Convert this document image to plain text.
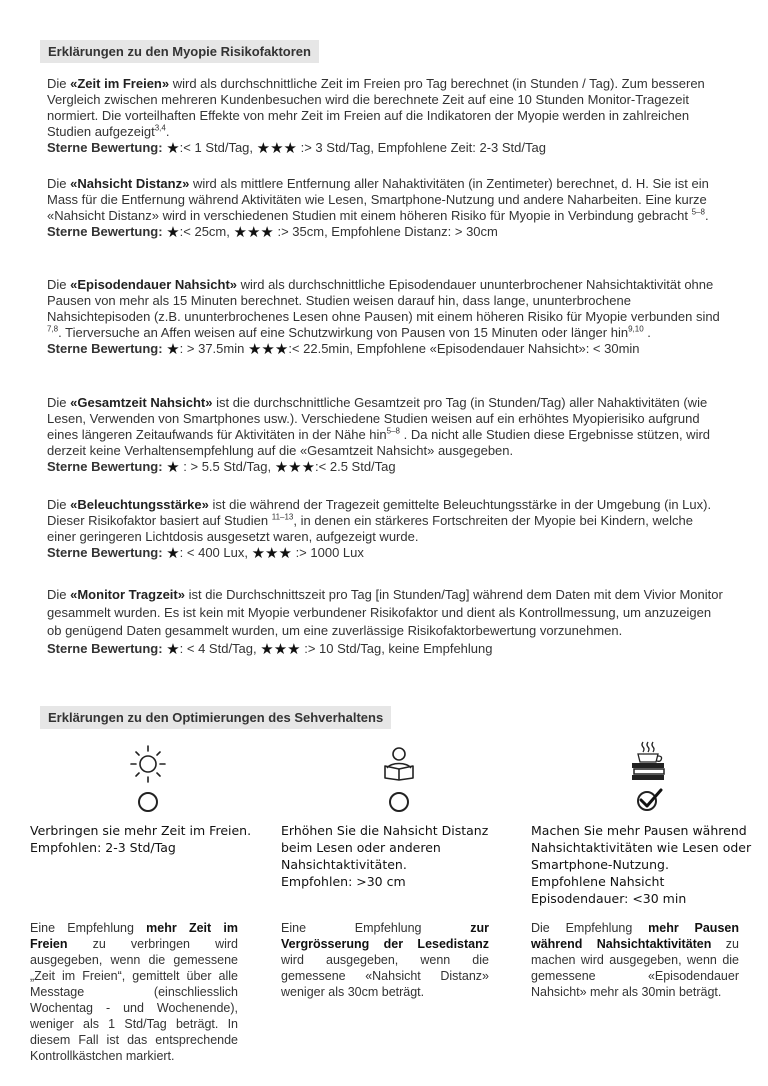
Erklärungen zu den Myopie Risikofaktoren
Die «Zeit im Freien» wird als durchschnittliche Zeit im Freien pro Tag berechnet (in Stunden / Tag). Zum besseren Vergleich zwischen mehreren Kundenbesuchen wird die berechnete Zeit auf eine 10 Stunden Monitor-Tragezeit normiert. Die vorteilhaften Effekte von mehr Zeit im Freien auf die Indikatoren der Myopie werden in zahlreichen Studien aufgezeigt$^{3,4}$.
Sterne Bewertung: ★:< 1 Std/Tag, ★★★ :> 3 Std/Tag, Empfohlene Zeit: 2-3 Std/Tag
Die «Nahsicht Distanz» wird als mittlere Entfernung aller Nahaktivitäten (in Zentimeter) berechnet, d. H. Sie ist ein Mass für die Entfernung während Aktivitäten wie Lesen, Smartphone-Nutzung und andere Naharbeiten. Eine kurze «Nahsicht Distanz» wird in verschiedenen Studien mit einem höheren Risiko für Myopie in Verbindung gebracht $^{5-8}$.
Sterne Bewertung: ★:< 25cm, ★★★ :> 35cm, Empfohlene Distanz: > 30cm
Die «Episodendauer Nahsicht» wird als durchschnittliche Episodendauer ununterbrochener Nahsichtaktivität ohne Pausen von mehr als 15 Minuten berechnet. Studien weisen darauf hin, dass lange, ununterbrochene Nahsichtepisoden (z.B. ununterbrochenes Lesen ohne Pausen) mit einem höheren Risiko für Myopie verbunden sind $^{7,8}$. Tierversuche an Affen weisen auf eine Schutzwirkung von Pausen von 15 Minuten oder länger hin$^{9,10}$ .
Sterne Bewertung: ★: > 37.5min ★★★:< 22.5min, Empfohlene «Episodendauer Nahsicht»: < 30min
Die «Gesamtzeit Nahsicht» ist die durchschnittliche Gesamtzeit pro Tag (in Stunden/Tag) aller Nahaktivitäten (wie Lesen, Verwenden von Smartphones usw.). Verschiedene Studien weisen auf ein erhöhtes Myopierisiko aufgrund eines längeren Zeitaufwands für Aktivitäten in der Nähe hin$^{5-8}$ . Da nicht alle Studien diese Ergebnisse stützen, wird derzeit keine Verhaltensempfehlung auf die «Gesamtzeit Nahsicht» ausgegeben.
Sterne Bewertung: ★ : > 5.5 Std/Tag, ★★★:< 2.5 Std/Tag
Die «Beleuchtungsstärke» ist die während der Tragezeit gemittelte Beleuchtungsstärke in der Umgebung (in Lux). Dieser Risikofaktor basiert auf Studien $^{11-13}$, in denen ein stärkeres Fortschreiten der Myopie bei Kindern, welche einer geringeren Lichtdosis ausgesetzt waren, aufgezeigt wurde.
Sterne Bewertung: ★: < 400 Lux, ★★★ :> 1000 Lux
Die «Monitor Tragzeit» ist die Durchschnittszeit pro Tag [in Stunden/Tag] während dem Daten mit dem Vivior Monitor gesammelt wurden. Es ist kein mit Myopie verbundener Risikofaktor und dient als Kontrollmessung, um anzuzeigen ob genügend Daten gesammelt wurden, um eine zuverlässige Risikofaktorbewertung vorzunehmen.
Sterne Bewertung: ★: < 4 Std/Tag, ★★★ :> 10 Std/Tag, keine Empfehlung
Erklärungen zu den Optimierungen des Sehverhaltens
Verbringen sie mehr Zeit im Freien.
Empfohlen: 2-3 Std/Tag
Eine Empfehlung mehr Zeit im Freien zu verbringen wird ausgegeben, wenn die gemessene „Zeit im Freien“, gemittelt über alle Messtage (einschliesslich Wochentag - und Wochenende), weniger als 1 Std/Tag beträgt. In diesem Fall ist das entsprechende Kontrollkästchen markiert.
Erhöhen Sie die Nahsicht Distanz
beim Lesen oder anderen
Nahsichtaktivitäten.
Empfohlen: >30 cm
Eine Empfehlung zur Vergrösserung der Lesedistanz wird ausgegeben, wenn die gemessene «Nahsicht Distanz» weniger als 30cm beträgt.
Machen Sie mehr Pausen während
Nahsichtaktivitäten wie Lesen oder
Smartphone-Nutzung.
Empfohlene Nahsicht
Episodendauer: <30 min
Die Empfehlung mehr Pausen während Nahsichtaktivitäten zu machen wird ausgegeben, wenn die gemessene «Episodendauer Nahsicht» mehr als 30min beträgt.
